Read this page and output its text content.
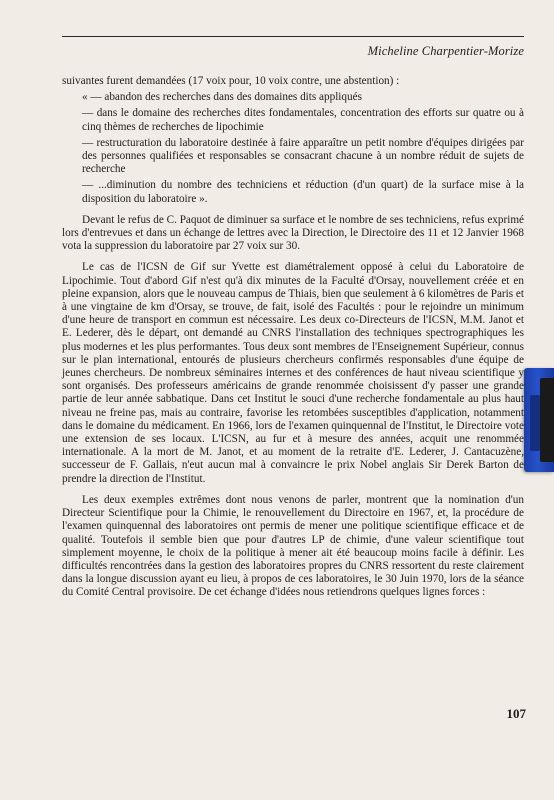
Micheline Charpentier-Morize

suivantes furent demandées (17 voix pour, 10 voix contre, une abstention) :

« — abandon des recherches dans des domaines dits appliqués

— dans le domaine des recherches dites fondamentales, concentration des efforts sur quatre ou à cinq thèmes de recherches de lipochimie

— restructuration du laboratoire destinée à faire apparaître un petit nombre d'équipes dirigées par des personnes qualifiées et responsables se consacrant chacune à un nombre réduit de sujets de recherche

— ...diminution du nombre des techniciens et réduction (d'un quart) de la surface mise à la disposition du laboratoire ».

Devant le refus de C. Paquot de diminuer sa surface et le nombre de ses techniciens, refus exprimé lors d'entrevues et dans un échange de lettres avec la Direction, le Directoire des 11 et 12 Janvier 1968 vota la suppression du laboratoire par 27 voix sur 30.

Le cas de l'ICSN de Gif sur Yvette est diamétralement opposé à celui du Laboratoire de Lipochimie. Tout d'abord Gif n'est qu'à dix minutes de la Faculté d'Orsay, nouvellement créée et en pleine expansion, alors que le nouveau campus de Thiais, bien que seulement à 6 kilomètres de Paris et à une vingtaine de km d'Orsay, se trouve, de fait, isolé des Facultés : pour le rejoindre un minimum d'une heure de transport en commun est nécessaire. Les deux co-Directeurs de l'ICSN, M.M. Janot et E. Lederer, dès le départ, ont demandé au CNRS l'installation des techniques spectrographiques les plus modernes et les plus performantes. Tous deux sont membres de l'Enseignement Supérieur, connus sur le plan international, entourés de plusieurs chercheurs confirmés responsables d'une équipe de jeunes chercheurs. De nombreux séminaires internes et des conférences de haut niveau scientifique y sont organisés. Des professeurs américains de grande renommée choisissent d'y passer une grande partie de leur année sabbatique. Dans cet Institut le souci d'une recherche fondamentale au plus haut niveau ne freine pas, mais au contraire, favorise les retombées susceptibles d'application, notamment dans le domaine du médicament. En 1966, lors de l'examen quinquennal de l'Institut, le Directoire vote une extension de ses locaux. L'ICSN, au fur et à mesure des années, acquit une renommée internationale. A la mort de M. Janot, et au moment de la retraite d'E. Lederer, J. Cantacuzène, successeur de F. Gallais, n'eut aucun mal à convaincre le prix Nobel anglais Sir Derek Barton de prendre la direction de l'Institut.

Les deux exemples extrêmes dont nous venons de parler, montrent que la nomination d'un Directeur Scientifique pour la Chimie, le renouvellement du Directoire en 1967, et, la procédure de l'examen quinquennal des laboratoires ont permis de mener une politique scientifique efficace et de qualité. Toutefois il semble bien que pour d'autres LP de chimie, d'une valeur scientifique tout simplement moyenne, le choix de la politique à mener ait été beaucoup moins facile à définir. Les difficultés rencontrées dans la gestion des laboratoires propres du CNRS ressortent du reste clairement dans la longue discussion ayant eu lieu, à propos de ces laboratoires, le 30 Juin 1970, lors de la séance du Comité Central provisoire. De cet échange d'idées nous retiendrons quelques lignes forces :

107
